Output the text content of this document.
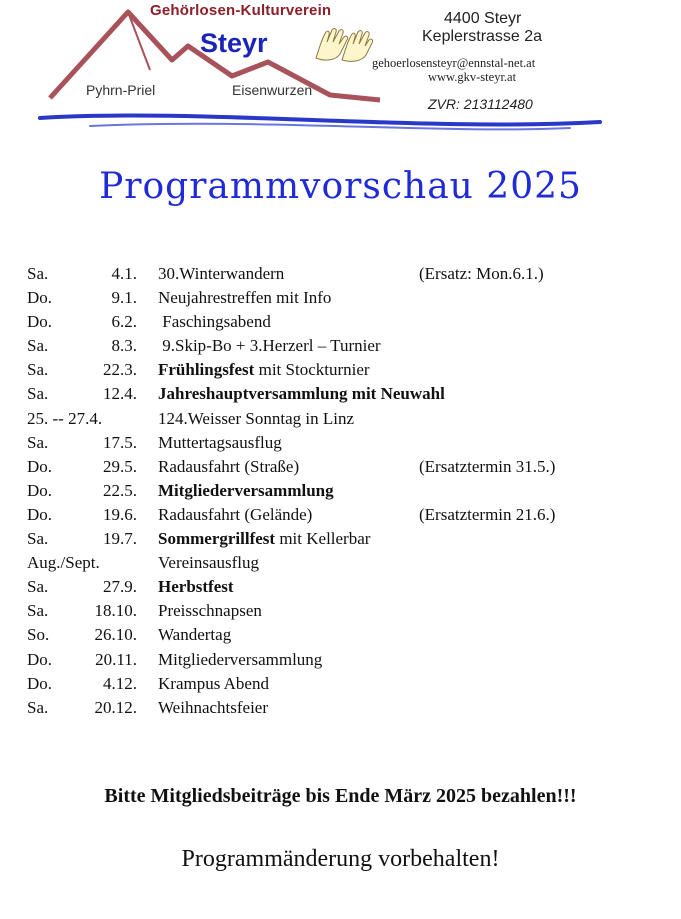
Gehörlosen-Kulturverein
Steyr
Pyhrn-Priel	Eisenwurzen
4400 Steyr
Keplerstrasse 2a
gehoerlosensteyr@ennstal-net.at
www.gkv-steyr.at
ZVR: 213112480
Programmvorschau 2025
Sa.	4.1. 30.Winterwandern	(Ersatz: Mon.6.1.)
Do.	9.1. Neujahrestreffen mit Info
Do.	6.2. Faschingsabend
Sa.	8.3. 9.Skip-Bo + 3.Herzerl – Turnier
Sa.	22.3. Frühlingsfest mit Stockturnier
Sa.	12.4. Jahreshauptversammlung mit Neuwahl
25. -- 27.4.	124.Weisser Sonntag in Linz
Sa.	17.5. Muttertagsausflug
Do.	29.5. Radausfahrt (Straße)	(Ersatztermin 31.5.)
Do.	22.5. Mitgliederversammlung
Do.	19.6. Radausfahrt (Gelände)	(Ersatztermin 21.6.)
Sa.	19.7. Sommergrillfest mit Kellerbar
Aug./Sept.	Vereinsausflug
Sa.	27.9. Herbstfest
Sa.	18.10. Preisschnapsen
So.	26.10. Wandertag
Do.	20.11. Mitgliederversammlung
Do.	4.12. Krampus Abend
Sa.	20.12. Weihnachtsfeier
Bitte Mitgliedsbeiträge bis Ende März 2025 bezahlen!!!
Programmänderung vorbehalten!
